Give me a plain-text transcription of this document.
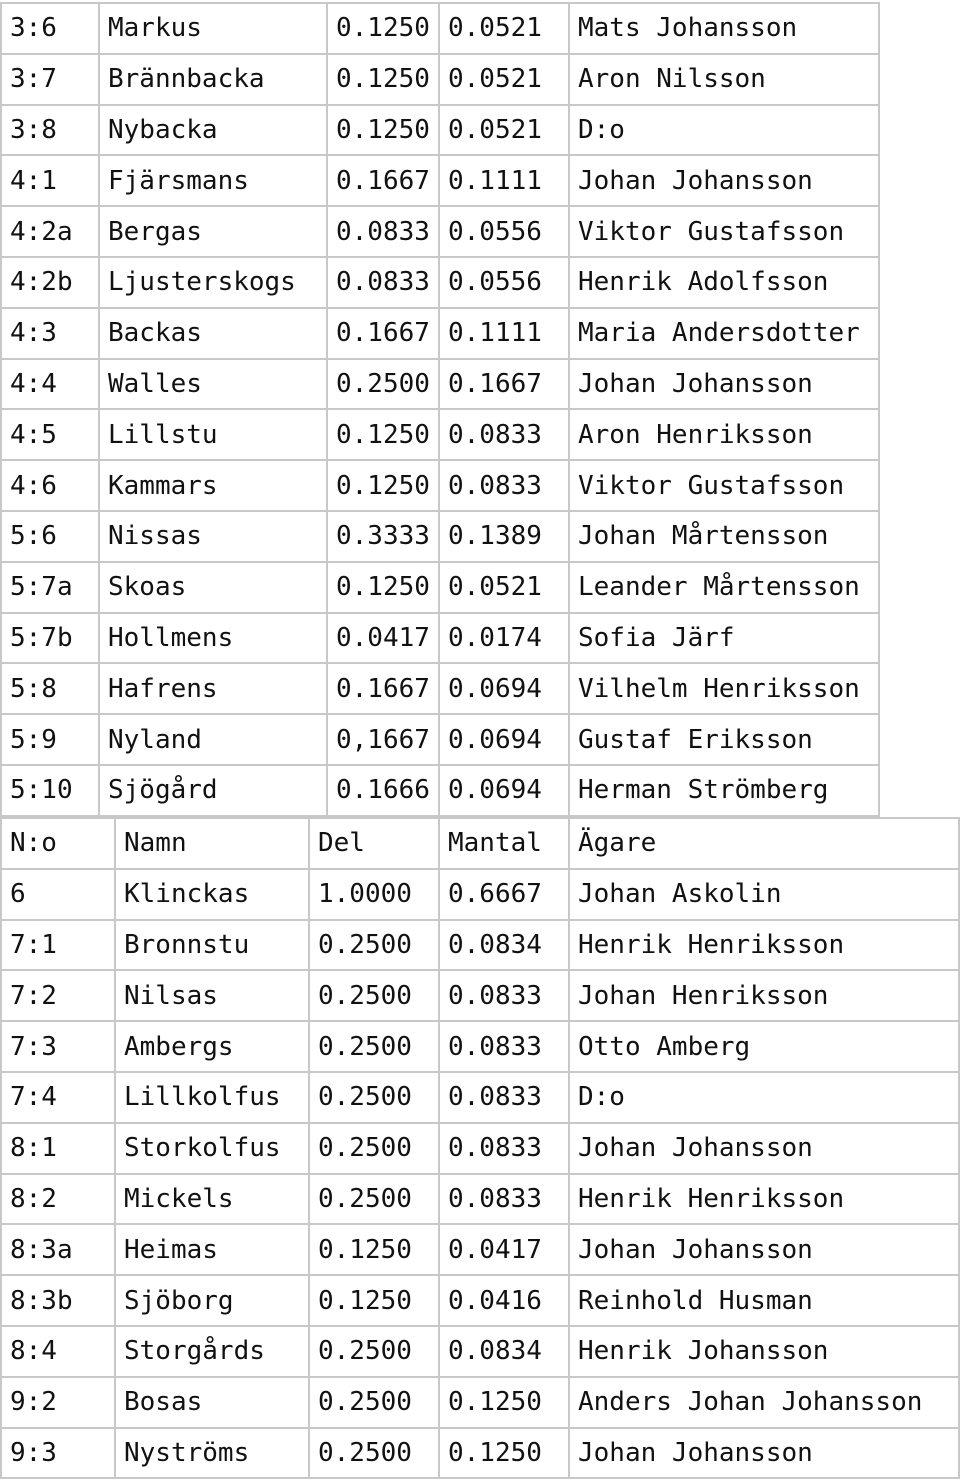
3:6	Markus	0.1250	0.0521	Mats Johansson
3:7	Brännbacka	0.1250	0.0521	Aron Nilsson
3:8	Nybacka	0.1250	0.0521	D:o
4:1	Fjärsmans	0.1667	0.1111	Johan Johansson
4:2a	Bergas	0.0833	0.0556	Viktor Gustafsson
4:2b	Ljusterskogs	0.0833	0.0556	Henrik Adolfsson
4:3	Backas	0.1667	0.1111	Maria Andersdotter
4:4	Walles	0.2500	0.1667	Johan Johansson
4:5	Lillstu	0.1250	0.0833	Aron Henriksson
4:6	Kammars	0.1250	0.0833	Viktor Gustafsson
5:6	Nissas	0.3333	0.1389	Johan Mårtensson
5:7a	Skoas	0.1250	0.0521	Leander Mårtensson
5:7b	Hollmens	0.0417	0.0174	Sofia Järf
5:8	Hafrens	0.1667	0.0694	Vilhelm Henriksson
5:9	Nyland	0,1667	0.0694	Gustaf Eriksson
5:10	Sjögård	0.1666	0.0694	Herman Strömberg
N:o	Namn	Del	Mantal	Ägare
6	Klinckas	1.0000	0.6667	Johan Askolin
7:1	Bronnstu	0.2500	0.0834	Henrik Henriksson
7:2	Nilsas	0.2500	0.0833	Johan Henriksson
7:3	Ambergs	0.2500	0.0833	Otto Amberg
7:4	Lillkolfus	0.2500	0.0833	D:o
8:1	Storkolfus	0.2500	0.0833	Johan Johansson
8:2	Mickels	0.2500	0.0833	Henrik Henriksson
8:3a	Heimas	0.1250	0.0417	Johan Johansson
8:3b	Sjöborg	0.1250	0.0416	Reinhold Husman
8:4	Storgårds	0.2500	0.0834	Henrik Johansson
9:2	Bosas	0.2500	0.1250	Anders Johan Johansson
9:3	Nyströms	0.2500	0.1250	Johan Johansson
